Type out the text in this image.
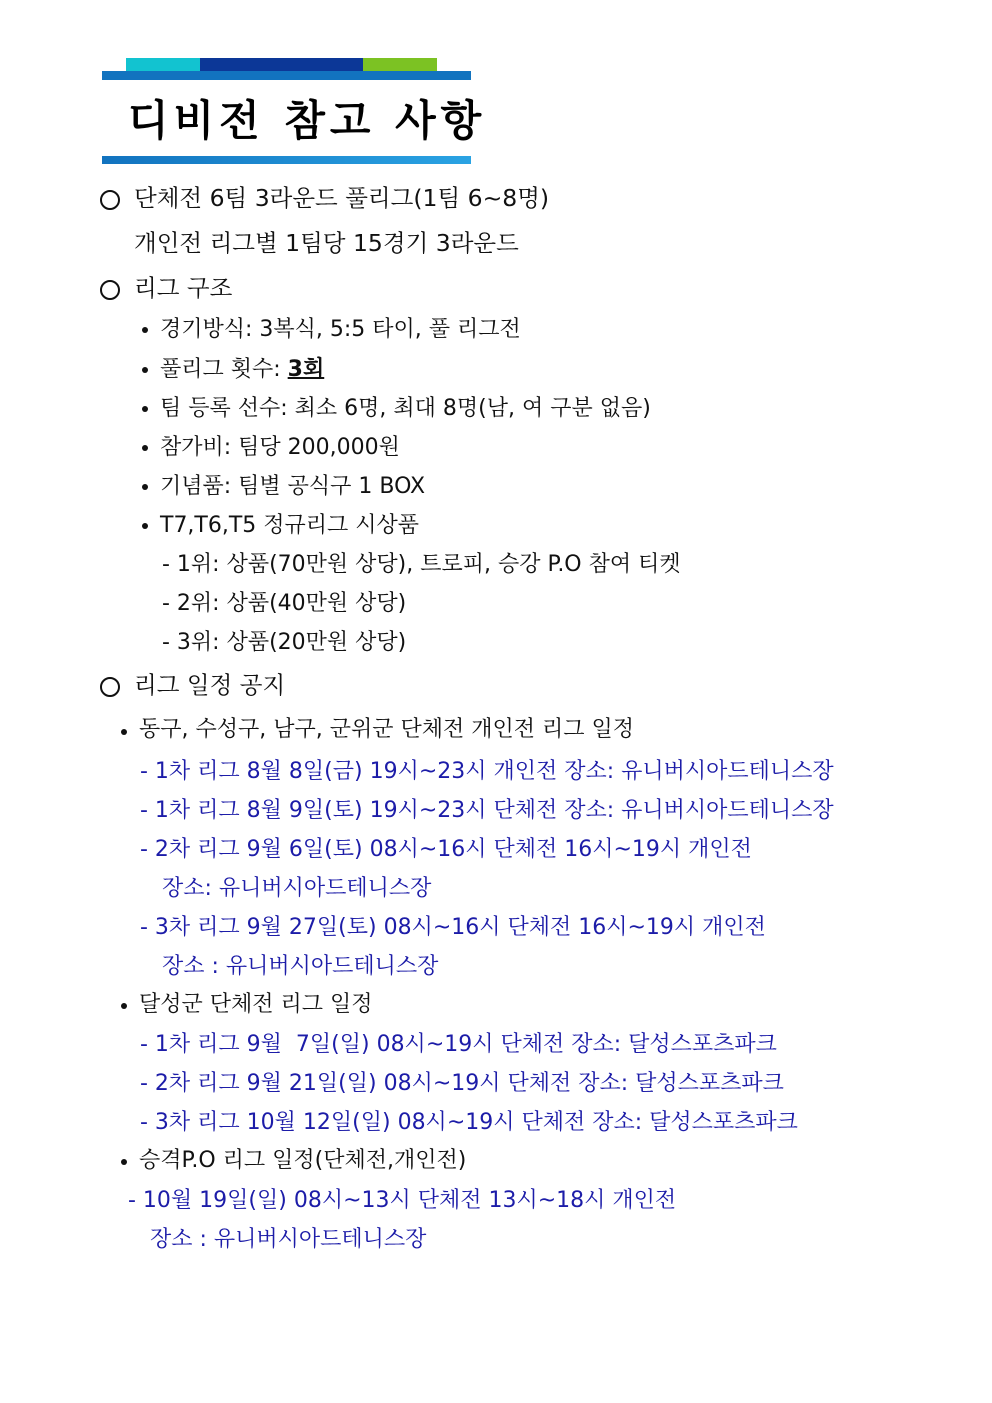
디비전 참고 사항
단체전 6팀 3라운드 풀리그(1팀 6~8명)
개인전 리그별 1팀당 15경기 3라운드
리그 구조
경기방식: 3복식, 5:5 타이, 풀 리그전
풀리그 횟수: 3회
팀 등록 선수: 최소 6명, 최대 8명(남, 여 구분 없음)
참가비: 팀당 200,000원
기념품: 팀별 공식구 1 BOX
T7,T6,T5 정규리그 시상품
- 1위: 상품(70만원 상당), 트로피, 승강 P.O 참여 티켓
- 2위: 상품(40만원 상당)
- 3위: 상품(20만원 상당)
리그 일정 공지
동구, 수성구, 남구, 군위군 단체전 개인전 리그 일정
- 1차 리그 8월 8일(금) 19시~23시 개인전 장소: 유니버시아드테니스장
- 1차 리그 8월 9일(토) 19시~23시 단체전 장소: 유니버시아드테니스장
- 2차 리그 9월 6일(토) 08시~16시 단체전 16시~19시 개인전
장소: 유니버시아드테니스장
- 3차 리그 9월 27일(토) 08시~16시 단체전 16시~19시 개인전
장소 : 유니버시아드테니스장
달성군 단체전 리그 일정
- 1차 리그 9월  7일(일) 08시~19시 단체전 장소: 달성스포츠파크
- 2차 리그 9월 21일(일) 08시~19시 단체전 장소: 달성스포츠파크
- 3차 리그 10월 12일(일) 08시~19시 단체전 장소: 달성스포츠파크
승격P.O 리그 일정(단체전,개인전)
- 10월 19일(일) 08시~13시 단체전 13시~18시 개인전
장소 : 유니버시아드테니스장
